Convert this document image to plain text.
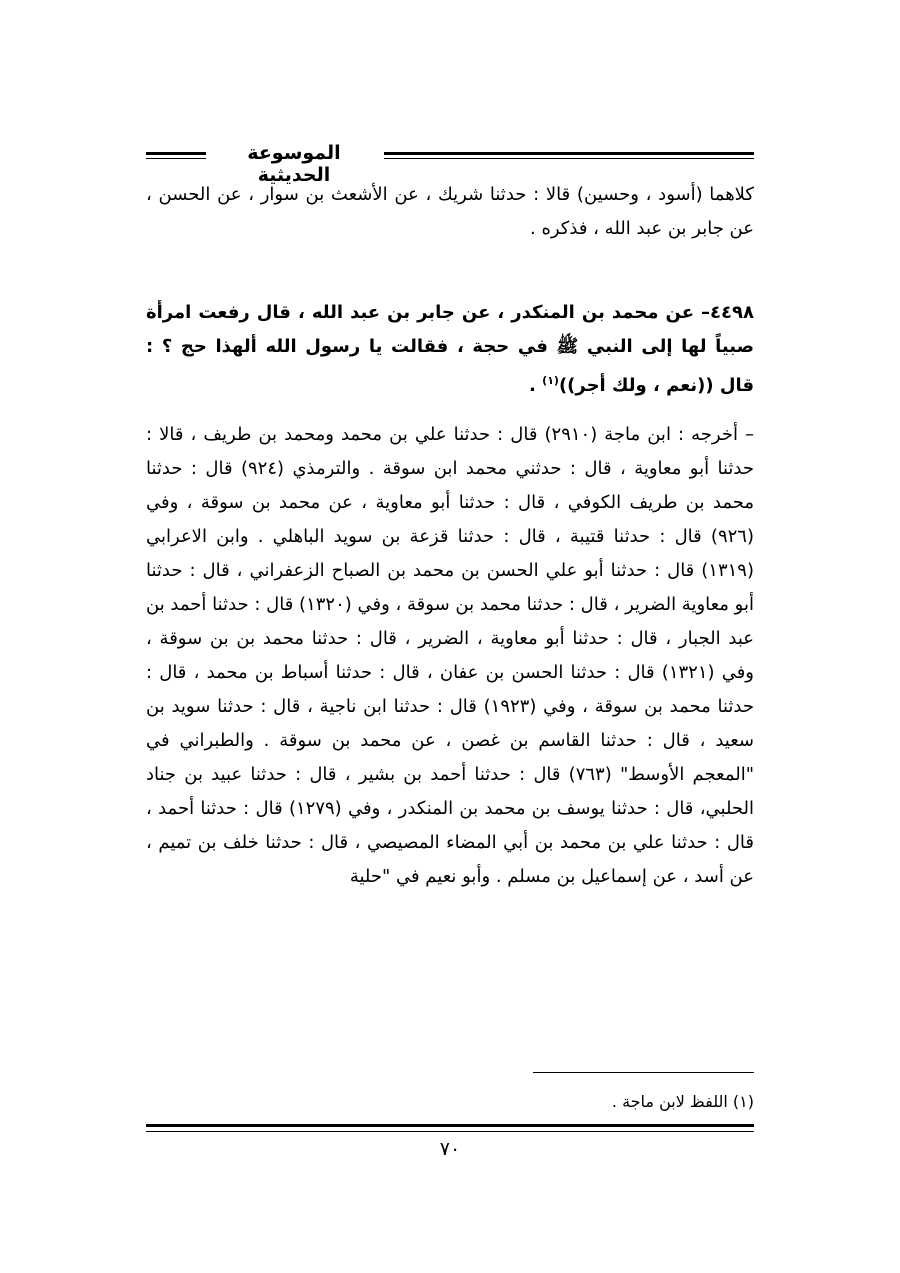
الموسوعة الحديثية

كلاهما (أسود ، وحسين) قالا : حدثنا شريك ، عن الأشعث بن سوار ، عن الحسن ، عن جابر بن عبد الله ، فذكره .

٤٤٩٨– عن محمد بن المنكدر ، عن جابر بن عبد الله ، قال رفعت امرأة صبياً لها إلى النبي ﷺ في حجة ، فقالت يا رسول الله ألهذا حج ؟ : قال ((نعم ، ولك أجر))$^{(١)}$ .

– أخرجه : ابن ماجة (٢٩١٠) قال : حدثنا علي بن محمد ومحمد بن طريف ، قالا : حدثنا أبو معاوية ، قال : حدثني محمد ابن سوقة . والترمذي (٩٢٤) قال : حدثنا محمد بن طريف الكوفي ، قال : حدثنا أبو معاوية ، عن محمد بن سوقة ، وفي (٩٢٦) قال : حدثنا قتيبة ، قال : حدثنا قزعة بن سويد الباهلي . وابن الاعرابي (١٣١٩) قال : حدثنا أبو علي الحسن بن محمد بن الصباح الزعفراني ، قال : حدثنا أبو معاوية الضرير ، قال : حدثنا محمد بن سوقة ، وفي (١٣٢٠) قال : حدثنا أحمد بن عبد الجبار ، قال : حدثنا أبو معاوية ، الضرير ، قال : حدثنا محمد بن بن سوقة ، وفي (١٣٢١) قال : حدثنا الحسن بن عفان ، قال : حدثنا أسباط بن محمد ، قال : حدثنا محمد بن سوقة ، وفي (١٩٢٣) قال : حدثنا ابن ناجية ، قال : حدثنا سويد بن سعيد ، قال : حدثنا القاسم بن غصن ، عن محمد بن سوقة . والطبراني في "المعجم الأوسط" (٧٦٣) قال : حدثنا أحمد بن بشير ، قال : حدثنا عبيد بن جناد الحلبي، قال : حدثنا يوسف بن محمد بن المنكدر ، وفي (١٢٧٩) قال : حدثنا أحمد ، قال : حدثنا علي بن محمد بن أبي المضاء المصيصي ، قال : حدثنا خلف بن تميم ، عن أسد ، عن إسماعيل بن مسلم . وأبو نعيم في "حلية

(١) اللفظ لابن ماجة .
٧٠
